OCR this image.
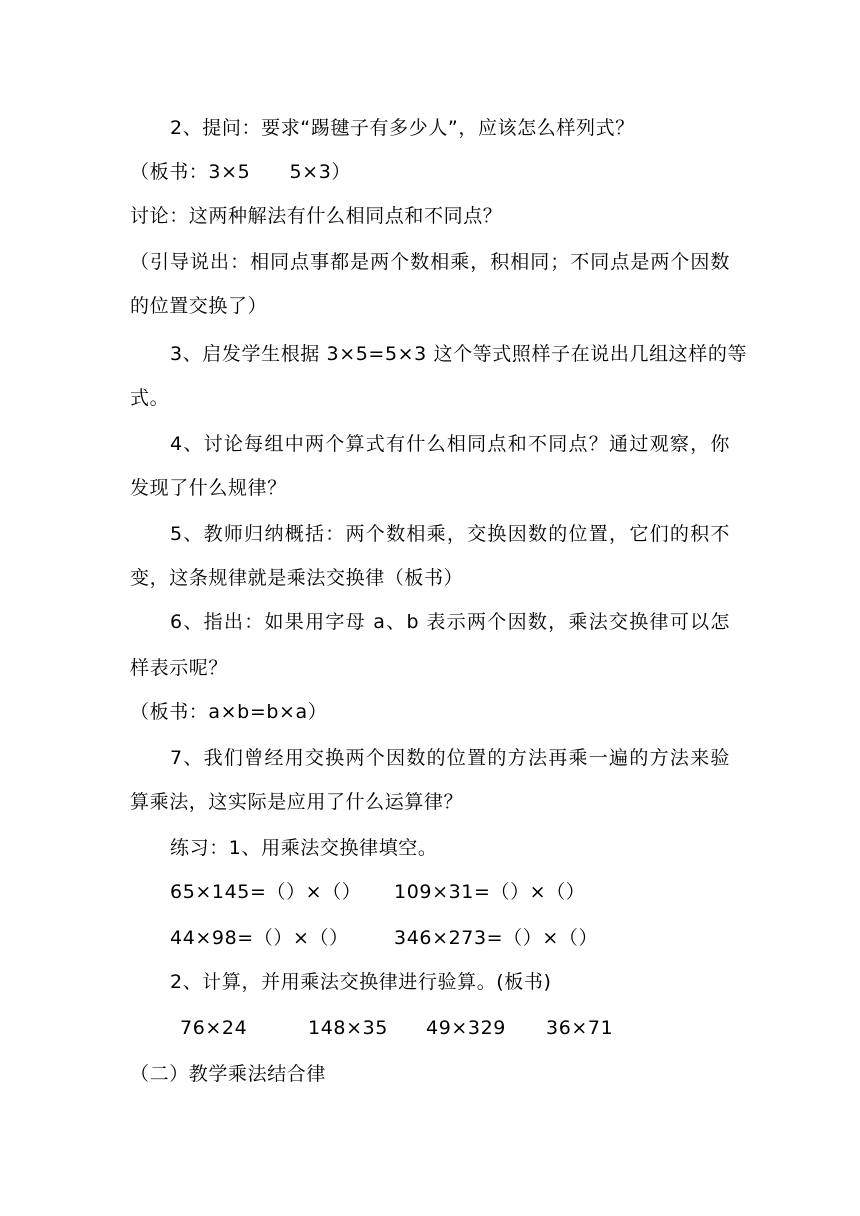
2、提问：要求“踢毽子有多少人”，应该怎么样列式？
（板书：3×5　　5×3）
讨论：这两种解法有什么相同点和不同点？
（引导说出：相同点事都是两个数相乘，积相同；不同点是两个因数
的位置交换了）
3、启发学生根据 3×5=5×3 这个等式照样子在说出几组这样的等
式。
4、讨论每组中两个算式有什么相同点和不同点？通过观察，你
发现了什么规律？
5、教师归纳概括：两个数相乘，交换因数的位置，它们的积不
变，这条规律就是乘法交换律（板书）
6、指出：如果用字母 a、b 表示两个因数，乘法交换律可以怎
样表示呢？
（板书：a×b=b×a）
7、我们曾经用交换两个因数的位置的方法再乘一遍的方法来验
算乘法，这实际是应用了什么运算律？
练习：1、用乘法交换律填空。
65×145=（）×（） 109×31=（）×（）
44×98=（）×（） 346×273=（）×（）
2、计算，并用乘法交换律进行验算。(板书)
76×24	148×35 49×329 36×71
（二）教学乘法结合律
